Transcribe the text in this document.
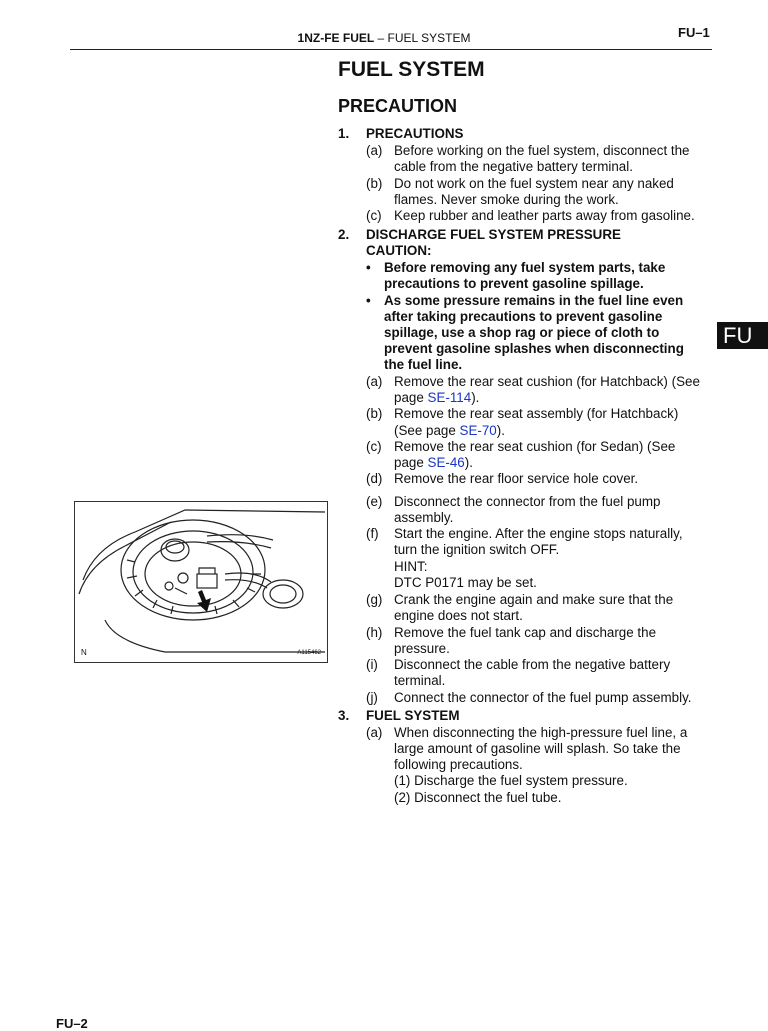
1NZ-FE FUEL – FUEL SYSTEM	FU–1
FUEL SYSTEM
PRECAUTION
FU
1. PRECAUTIONS
(a) Before working on the fuel system, disconnect the
cable from the negative battery terminal.
(b) Do not work on the fuel system near any naked
flames. Never smoke during the work.
(c) Keep rubber and leather parts away from gasoline.
2. DISCHARGE FUEL SYSTEM PRESSURE
CAUTION:
• Before removing any fuel system parts, take
precautions to prevent gasoline spillage.
• As some pressure remains in the fuel line even
after taking precautions to prevent gasoline
spillage, use a shop rag or piece of cloth to
prevent gasoline splashes when disconnecting
the fuel line.
(a) Remove the rear seat cushion (for Hatchback) (See
page SE-114).
(b) Remove the rear seat assembly (for Hatchback)
(See page SE-70).
(c) Remove the rear seat cushion (for Sedan) (See
page SE-46).
(d) Remove the rear floor service hole cover.
(e) Disconnect the connector from the fuel pump
assembly.
(f) Start the engine. After the engine stops naturally,
turn the ignition switch OFF.
HINT:
DTC P0171 may be set.
(g) Crank the engine again and make sure that the
engine does not start.
(h) Remove the fuel tank cap and discharge the
pressure.
(i) Disconnect the cable from the negative battery
terminal.
(j) Connect the connector of the fuel pump assembly.
3. FUEL SYSTEM
(a) When disconnecting the high-pressure fuel line, a
large amount of gasoline will splash. So take the
following precautions.
(1) Discharge the fuel system pressure.
(2) Disconnect the fuel tube.
N	A115462
FU–2
